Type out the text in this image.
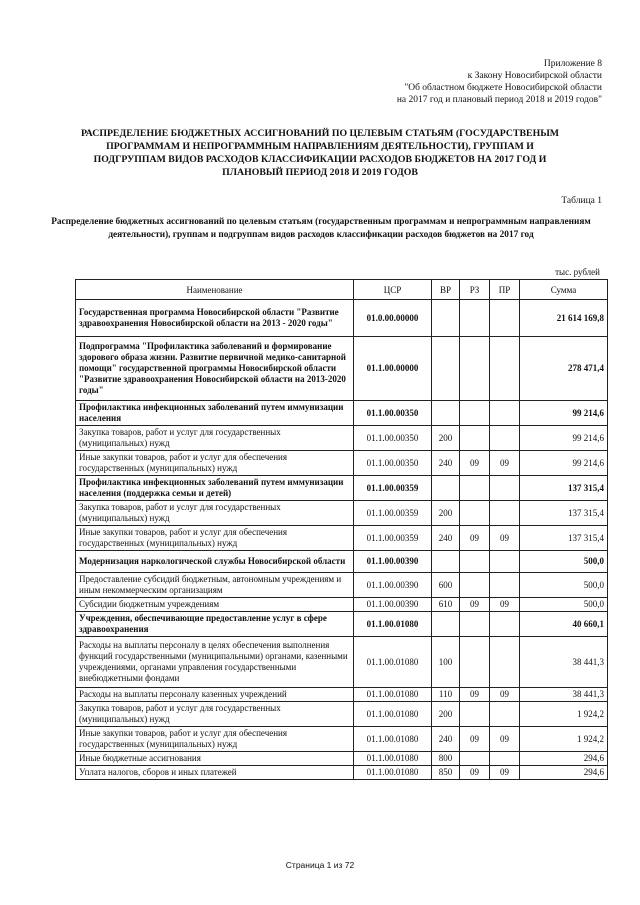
Приложение 8
к Закону Новосибирской области
"Об областном бюджете Новосибирской области
на 2017 год и плановый период 2018 и 2019 годов"
РАСПРЕДЕЛЕНИЕ БЮДЖЕТНЫХ АССИГНОВАНИЙ ПО ЦЕЛЕВЫМ СТАТЬЯМ (ГОСУДАРСТВЕНЫМ ПРОГРАММАМ И НЕПРОГРАММНЫМ НАПРАВЛЕНИЯМ ДЕЯТЕЛЬНОСТИ), ГРУППАМ И ПОДГРУППАМ ВИДОВ РАСХОДОВ КЛАССИФИКАЦИИ РАСХОДОВ БЮДЖЕТОВ НА 2017 ГОД И ПЛАНОВЫЙ ПЕРИОД 2018 И 2019 ГОДОВ
Таблица 1
Распределение бюджетных ассигнований по целевым статьям (государственным программам и непрограммным направлениям деятельности), группам и подгруппам видов расходов классификации расходов бюджетов на 2017 год
тыс. рублей
Наименование	ЦСР	ВР	РЗ	ПР	Сумма
Государственная программа Новосибирской области "Развитие здравоохранения Новосибирской области на 2013 - 2020 годы"	01.0.00.00000				21 614 169,8
Подпрограмма "Профилактика заболеваний и формирование здорового образа жизни. Развитие первичной медико-санитарной помощи" государственной программы Новосибирской области "Развитие здравоохранения Новосибирской области на 2013-2020 годы"	01.1.00.00000				278 471,4
Профилактика инфекционных заболеваний путем иммунизации населения	01.1.00.00350				99 214,6
Закупка товаров, работ и услуг для государственных (муниципальных) нужд	01.1.00.00350	200			99 214,6
Иные закупки товаров, работ и услуг для обеспечения государственных (муниципальных) нужд	01.1.00.00350	240	09	09	99 214,6
Профилактика инфекционных заболеваний путем иммунизации населения (поддержка семьи и детей)	01.1.00.00359				137 315,4
Закупка товаров, работ и услуг для государственных (муниципальных) нужд	01.1.00.00359	200			137 315,4
Иные закупки товаров, работ и услуг для обеспечения государственных (муниципальных) нужд	01.1.00.00359	240	09	09	137 315,4
Модернизация наркологической службы Новосибирской области	01.1.00.00390				500,0
Предоставление субсидий бюджетным, автономным учреждениям и иным некоммерческим организациям	01.1.00.00390	600			500,0
Субсидии бюджетным учреждениям	01.1.00.00390	610	09	09	500,0
Учреждения, обеспечивающие предоставление услуг в сфере здравоохранения	01.1.00.01080				40 660,1
Расходы на выплаты персоналу в целях обеспечения выполнения функций государственными (муниципальными) органами, казенными учреждениями, органами управления государственными внебюджетными фондами	01.1.00.01080	100			38 441,3
Расходы на выплаты персоналу казенных учреждений	01.1.00.01080	110	09	09	38 441,3
Закупка товаров, работ и услуг для государственных (муниципальных) нужд	01.1.00.01080	200			1 924,2
Иные закупки товаров, работ и услуг для обеспечения государственных (муниципальных) нужд	01.1.00.01080	240	09	09	1 924,2
Иные бюджетные ассигнования	01.1.00.01080	800			294,6
Уплата налогов, сборов и иных платежей	01.1.00.01080	850	09	09	294,6
Страница 1 из 72
